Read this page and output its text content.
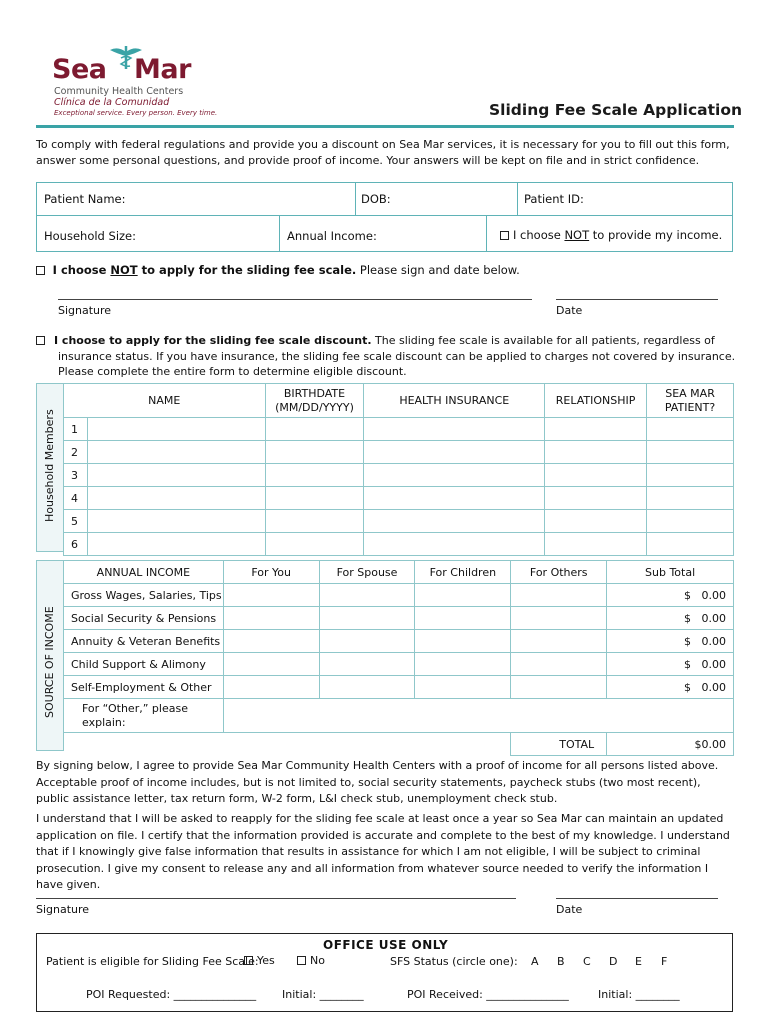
Sea Mar
Community Health Centers
Clínica de la Comunidad
Exceptional service. Every person. Every time.	Sliding Fee Scale Application
To comply with federal regulations and provide you a discount on Sea Mar services, it is necessary for you to fill out this form, answer some personal questions, and provide proof of income. Your answers will be kept on file and in strict confidence.
Patient Name:	DOB:	Patient ID:
Household Size:	Annual Income:	I choose NOT to provide my income.
I choose NOT to apply for the sliding fee scale. Please sign and date below.
Signature	Date
I choose to apply for the sliding fee scale discount. The sliding fee scale is available for all patients, regardless of insurance status. If you have insurance, the sliding fee scale discount can be applied to charges not covered by insurance. Please complete the entire form to determine eligible discount.
Household Members
NAME		BIRTHDATE (MM/DD/YYYY)	HEALTH INSURANCE	RELATIONSHIP	SEA MAR PATIENT?
1					
2					
3					
4					
5					
6					
SOURCE OF INCOME
ANNUAL INCOME	For You	For Spouse	For Children	For Others	Sub Total
Gross Wages, Salaries, Tips					$ 0.00
Social Security & Pensions					$ 0.00
Annuity & Veteran Benefits					$ 0.00
Child Support & Alimony					$ 0.00
Self-Employment & Other					$ 0.00
For “Other,” please explain:					
				TOTAL	$0.00
By signing below, I agree to provide Sea Mar Community Health Centers with a proof of income for all persons listed above. Acceptable proof of income includes, but is not limited to, social security statements, paycheck stubs (two most recent), public assistance letter, tax return form, W-2 form, L&I check stub, unemployment check stub.
I understand that I will be asked to reapply for the sliding fee scale at least once a year so Sea Mar can maintain an updated application on file. I certify that the information provided is accurate and complete to the best of my knowledge. I understand that if I knowingly give false information that results in assistance for which I am not eligible, I will be subject to criminal prosecution. I give my consent to release any and all information from whatever source needed to verify the information I have given.
Signature	Date
OFFICE USE ONLY
Patient is eligible for Sliding Fee Scale:
Yes	No	SFS Status (circle one): A B C D E F
POI Requested: _______________ Initial: ________	POI Received: _______________	Initial: ________
